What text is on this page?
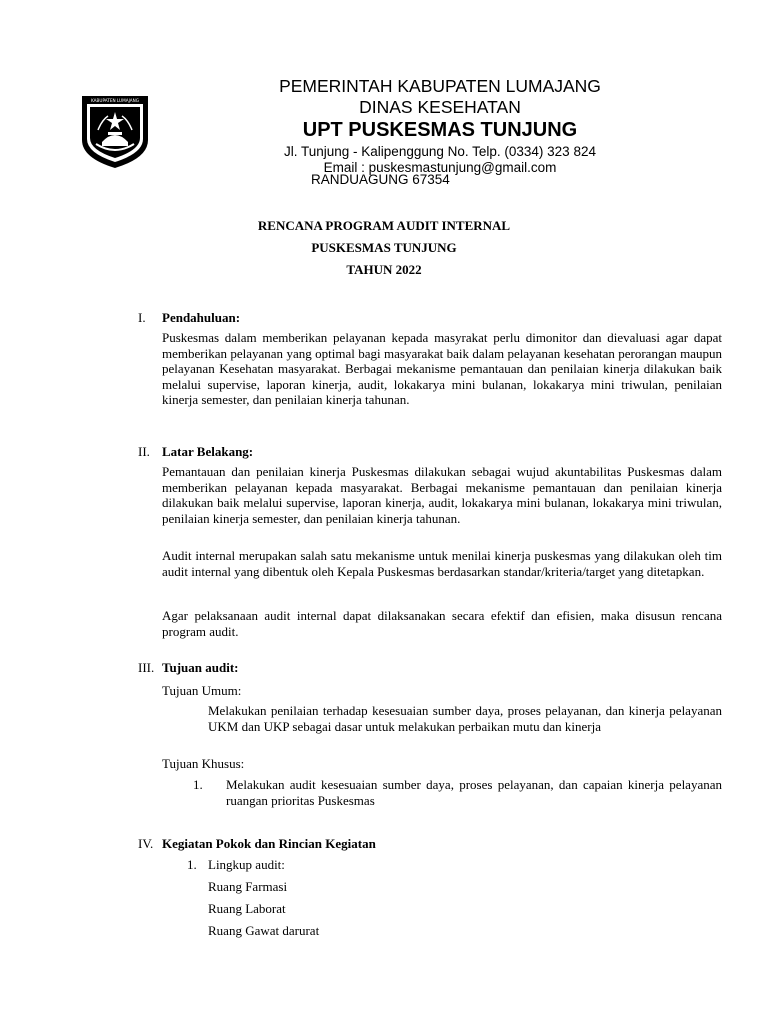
KABUPATEN LUMAJANG
PEMERINTAH KABUPATEN LUMAJANG
DINAS KESEHATAN
UPT PUSKESMAS TUNJUNG
Jl. Tunjung - Kalipenggung No. Telp. (0334) 323 824
Email : puskesmastunjung@gmail.com
RANDUAGUNG 67354
RENCANA PROGRAM AUDIT INTERNAL
PUSKESMAS TUNJUNG
TAHUN 2022
I. Pendahuluan:
Puskesmas dalam memberikan pelayanan kepada masyrakat perlu dimonitor dan dievaluasi agar dapat memberikan pelayanan yang optimal bagi masyarakat baik dalam pelayanan kesehatan perorangan maupun pelayanan Kesehatan masyarakat. Berbagai mekanisme pemantauan dan penilaian kinerja dilakukan baik melalui supervise, laporan kinerja, audit, lokakarya mini bulanan, lokakarya mini triwulan, penilaian kinerja semester, dan penilaian kinerja tahunan.
II. Latar Belakang:
Pemantauan dan penilaian kinerja Puskesmas dilakukan sebagai wujud akuntabilitas Puskesmas dalam memberikan pelayanan kepada masyarakat. Berbagai mekanisme pemantauan dan penilaian kinerja dilakukan baik melalui supervise, laporan kinerja, audit, lokakarya mini bulanan, lokakarya mini triwulan, penilaian kinerja semester, dan penilaian kinerja tahunan.
Audit internal merupakan salah satu mekanisme untuk menilai kinerja puskesmas yang dilakukan oleh tim audit internal yang dibentuk oleh Kepala Puskesmas berdasarkan standar/kriteria/target yang ditetapkan.
Agar pelaksanaan audit internal dapat dilaksanakan secara efektif dan efisien, maka disusun rencana program audit.
III. Tujuan audit:
Tujuan Umum:
Melakukan penilaian terhadap kesesuaian sumber daya, proses pelayanan, dan kinerja pelayanan UKM dan UKP sebagai dasar untuk melakukan perbaikan mutu dan kinerja
Tujuan Khusus:
1. Melakukan audit kesesuaian sumber daya, proses pelayanan, dan capaian kinerja pelayanan ruangan prioritas Puskesmas
IV. Kegiatan Pokok dan Rincian Kegiatan
1. Lingkup audit:
Ruang Farmasi
Ruang Laborat
Ruang Gawat darurat
